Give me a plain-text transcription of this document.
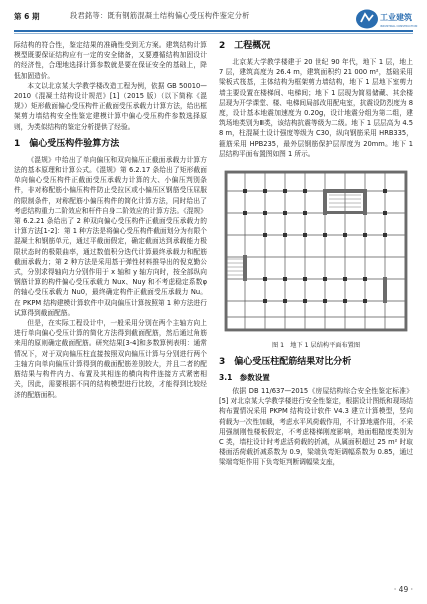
第 6 期	段君銘等：既有钢筋混凝土结构偏心受压构件鉴定分析	工业建筑
INDUSTRIAL CONSTRUCTION

际结构的符合性，鉴定结果的准确性受到无方案。建筑结构计算模型既要保证结构应有一定的安全储备，又要遵循结构加固设计的经济性，合理地选择计算参数就是要在保证安全的基础上，降低加固造价。

本文以北京某大学教学楼改造工程为例，依据 GB 50010—2010《混凝土结构设计规范》[1]（2015 版）（以下简称《混规》）矩形截面偏心受压构件正截面受压承载力计算方法，给出框架剪力墙结构安全性鉴定建模计算中偏心受压构件参数选择原则，为类似结构的鉴定分析提供了经验。

1　偏心受压构件验算方法

《混规》中给出了单向偏压和双向偏压正截面承载力计算方法的基本原理和计算公式。《混规》第 6.2.17 条给出了矩形截面单向偏心受压构件正截面受压承载力计算的大、小偏压判别条件，非对称配筋小偏压构件防止受拉区或小偏压区钢筋受压屈服的限制条件，对称配筋小偏压构件的简化计算方法，同时给出了考虑结构重力二阶效应和杆件自身二阶效应的计算方法。《混规》第 6.2.21 条给出了 2 种双向偏心受压构件正截面受压承载力的计算方法[1-2]：第 1 种方法是将偏心受压构件截面划分为有限个混凝土和钢筋单元，通过平截面假定，确定截面达到承载能力极限状态时的极限曲率，通过数值积分迭代计算最终承载力和配筋截面承载力；第 2 种方法是采用基于弹性材料推导出的倪克勤公式，分别求得轴向力分别作用于 x 轴和 y 轴方向时，按全部纵向钢筋计算的构件偏心受压承载力 Nux、Nuy 和不考虑稳定系数φ的轴心受压承载力 Nu0，最终确定构件正截面受压承载力 Nu。在 PKPM 结构建模计算软件中双向偏压计算按照第 1 种方法进行试算得到截面配筋。

但是，在实际工程设计中，一般采用分别在两个主轴方向上进行单向偏心受压计算的简化方法得到截面配筋，然后通过角筋来用的原则确定截面配筋。研究结果[3-4]和多数算例表明：通常情况下，对于双向偏压柱直接按照双向偏压计算与分别进行两个主轴方向单向偏压计算得到的截面配筋差别较大，并且二者的配筋结果与构件内力、布置及其相连的横向构件连接方式紧密相关，因此，需要根据不同的结构模型进行比较，才能得到比较经济的配筋面积。

2　工程概况

北京某大学教学楼建于 20 世纪 90 年代，地下 1 层，地上 7 层，建筑高度为 26.4 m，建筑面积约 21 000 m²，基础采用梁板式筏基，主体结构为框架剪力墙结构，地下 1 层地下室剪力墙主要设置在楼梯间、电梯间；地下 1 层现为简易储藏、其余楼层现为开学课堂、楼、电梯间局部改用配电室，抗震设防烈度为 8 度，设计基本地震加速度为 0.20g，设计地震分组为第二组，建筑场地类别为Ⅲ类，该结构抗震等级为二级。地下 1 层层高为 4.58 m，柱混凝土设计强度等级为 C30，纵向钢筋采用 HRB335，箍筋采用 HPB235，最外层钢筋保护层厚度为 20mm。地下 1 层结构平面布置图如图 1 所示。

图 1　地下 1 层结构平面布置图
3　偏心受压柱配筋结果对比分析
3.1　参数设置

依据 DB 11/637—2015《房屋结构综合安全性鉴定标准》[5] 对北京某大学教学楼进行安全性鉴定，根据设计图纸和现场结构布置情况采用 PKPM 结构设计软件 V4.3 建立计算模型，竖向荷载为一次性加载，考虑水平风荷载作用，不计算地震作用，不采用强制刚性楼板假定，不考虑楼梯刚度影响，地面粗糙度类别为 C 类，墙柱设计时考虑活荷载的折减，从属面积超过 25 m² 时取楼面活荷载折减系数为 0.9，梁端负弯矩调幅系数为 0.85，通过梁端弯矩作用下负弯矩判断调幅梁支座，

· 49 ·
